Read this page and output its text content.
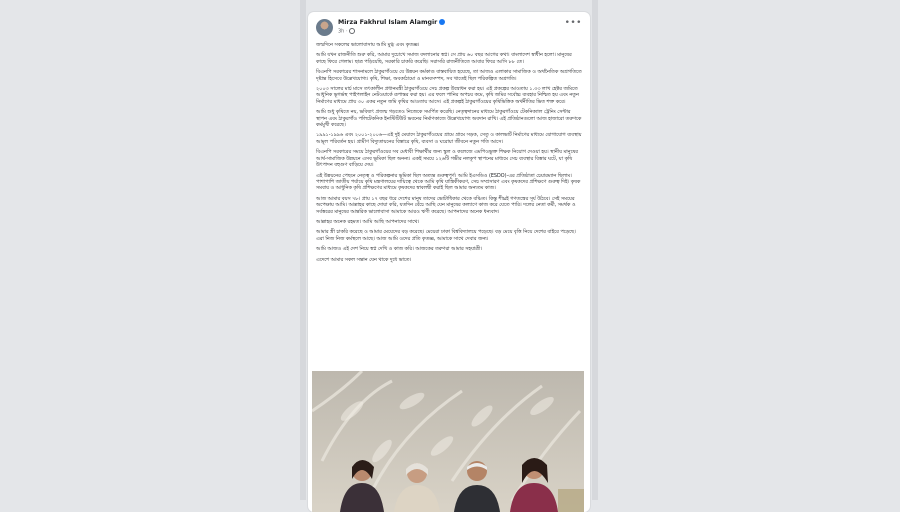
Mirza Fakhrul Islam Alamgir
3h ·
•••

জন্মদিনে সকলের ভালোবাসায় আমি মুগ্ধ এবং কৃতজ্ঞ।

আমি যখন রাজনীতি শুরু করি, আমার দুচোখে সমাজ বদলানোর স্বপ্ন। সে প্রায় ৬০ বছর আগের কথা। বাংলাদেশ স্বাধীন হলো। মানুষের কাছে ফিরে গেলাম। ছাত্র পড়িয়েছি, সরকারি চাকরি করেছি। সরাসরি রাজনীতিতে আবার ফিরে আসি ৮৮ তে।

বিএনপি সরকারের শাসনামলে ঠাকুরগাঁওয়ে যে উন্নয়ন কর্মকাণ্ড বাস্তবায়িত হয়েছে, তা আজও এলাকার সামাজিক ও অর্থনৈতিক অগ্রগতিতে দৃষ্টান্ত হিসেবে উল্লেখযোগ্য। কৃষি, শিক্ষা, অবকাঠামো ও মানবসম্পদ, সব খাতেই ছিল পরিকল্পিত অগ্রগতি।

২০০৩ সালের মার্চ মাসে তৎকালীন প্রধানমন্ত্রী ঠাকুরগাঁওয়ে সেচ প্রকল্প উদ্বোধন করা হয়। এই প্রকল্পের আওতায় ১.৩৩ লাখ হেক্টর জমিতে আধুনিক ভূগর্ভস্থ পাইপলাইন নেটওয়ার্কে রূপান্তর করা হয়। এর ফলে পানির অপচয় কমে, কৃষি জমির সর্বোচ্চ ব্যবহার নিশ্চিত হয় এবং নতুন নির্মাণের মাধ্যমে প্রায় ৩০ একর নতুন জমি কৃষির আওতায় আসে। এই প্রকল্পই ঠাকুরগাঁওয়ের কৃষিভিত্তিক অর্থনীতির ভিত শক্ত করে।

আমি শুধু কৃষিতে নয়, ভবিষ্যৎ প্রজন্ম গড়তেও নিজেকে সমর্পিত করেছি। নেতৃত্বদানের মাধ্যমে ঠাকুরগাঁওয়ে টেকনিক্যাল ট্রেনিং সেন্টার স্থাপন এবং ঠাকুরগাঁও পলিটেকনিক ইনস্টিটিউট ভবনের নির্মাণকাজে উল্লেখযোগ্য অবদান রাখি। এই প্রতিষ্ঠানগুলো আজ হাজারো তরুণকে কর্মমুখী করেছে।

১৯৯১-১৯৯৬ এবং ২০০১-২০০৬—এই দুই মেয়াদে ঠাকুরগাঁওয়ের গ্রামে গ্রামে সড়ক, সেতু ও কালভার্ট নির্মাণের মাধ্যমে যোগাযোগ ব্যবস্থায় আমূল পরিবর্তন হয়। গ্রামীণ বিদ্যুতায়নের বিস্তারে কৃষি, ব্যবসা ও ঘরোয়া জীবনে নতুন গতি আসে।

বিএনপি সরকারের সময়ে ঠাকুরগাঁওয়ের সব মেধাবী শিক্ষার্থীর জন্য স্কুল ও কলেজে এমপিওভুক্ত শিক্ষক নিয়োগ দেওয়া হয়। স্থানীয় মানুষের আর্থ-সামাজিক উন্নয়নে এসব ভূমিকা ছিল অনন্য। একই সময়ে ১২৬টি গভীর নলকূপ স্থাপনের মাধ্যমে সেচ ব্যবস্থার বিস্তার ঘটে, যা কৃষি উৎপাদন বহুগুণ বাড়িয়ে দেয়।

এই উন্নয়নের পেছনে নেতৃত্ব ও পরিকল্পনার ভূমিকা ছিল অত্যন্ত গুরুত্বপূর্ণ। আমি ইএসডিও (ESDO)-এর প্রতিষ্ঠাতা চেয়ারম্যান ছিলাম। পাশাপাশি জাতীয় পর্যায়ে কৃষি মন্ত্রণালয়ের দায়িত্বে থেকে আমি কৃষি যান্ত্রিকীকরণ, সেচ সম্প্রসারণ এবং কৃষকদের প্রশিক্ষণে গুরুত্ব দিই। কৃষক সমবায় ও আধুনিক কৃষি প্রশিক্ষণের মাধ্যমে কৃষকদের স্বাবলম্বী করাই ছিল আমার অন্যতম কাজ।

আজ আমার বয়স ৭৮। প্রায় ১৭ বছর ধরে দেশের মানুষ তাদের ভোটাধিকার থেকে বঞ্চিত। কিন্তু শীঘ্রই গণতন্ত্রের সূর্য উঠবে। সেই সময়ের অপেক্ষায় আমি। আল্লাহর কাছে দোয়া করি, যতদিন বেঁচে আছি যেন মানুষের কল্যাণে কাজ করে যেতে পারি। দলের নেতা কর্মী, সমর্থক ও সর্বস্তরের মানুষের আন্তরিক ভালোবাসা আমাকে আরও ঋণী করেছে। আপনাদের অনেক ধন্যবাদ।

আল্লাহর অনেক রহমত। আমি আছি আপনাদের সাথে।

আমার স্ত্রী চাকরি করেছে ও আমার মেয়েদের বড় করেছে। মেয়েরা ঢাকা বিশ্ববিদ্যালয়ে পড়েছে। বড় মেয়ে বৃত্তি নিয়ে দেশের বাইরে পড়েছে। এরা নিজ নিজ কর্মস্থলে আছে। আজ আমি ওদের প্রতি কৃতজ্ঞ, আমাকে সাথে দেবার জন্য।

আমি আজও এই দেশ নিয়ে স্বপ্ন দেখি ও কাজ করি। আজকের তরুণরা আমার সহযাত্রী।

এদেশে আমার সকল সন্তান যেন থাকে দুধে ভাতে।
